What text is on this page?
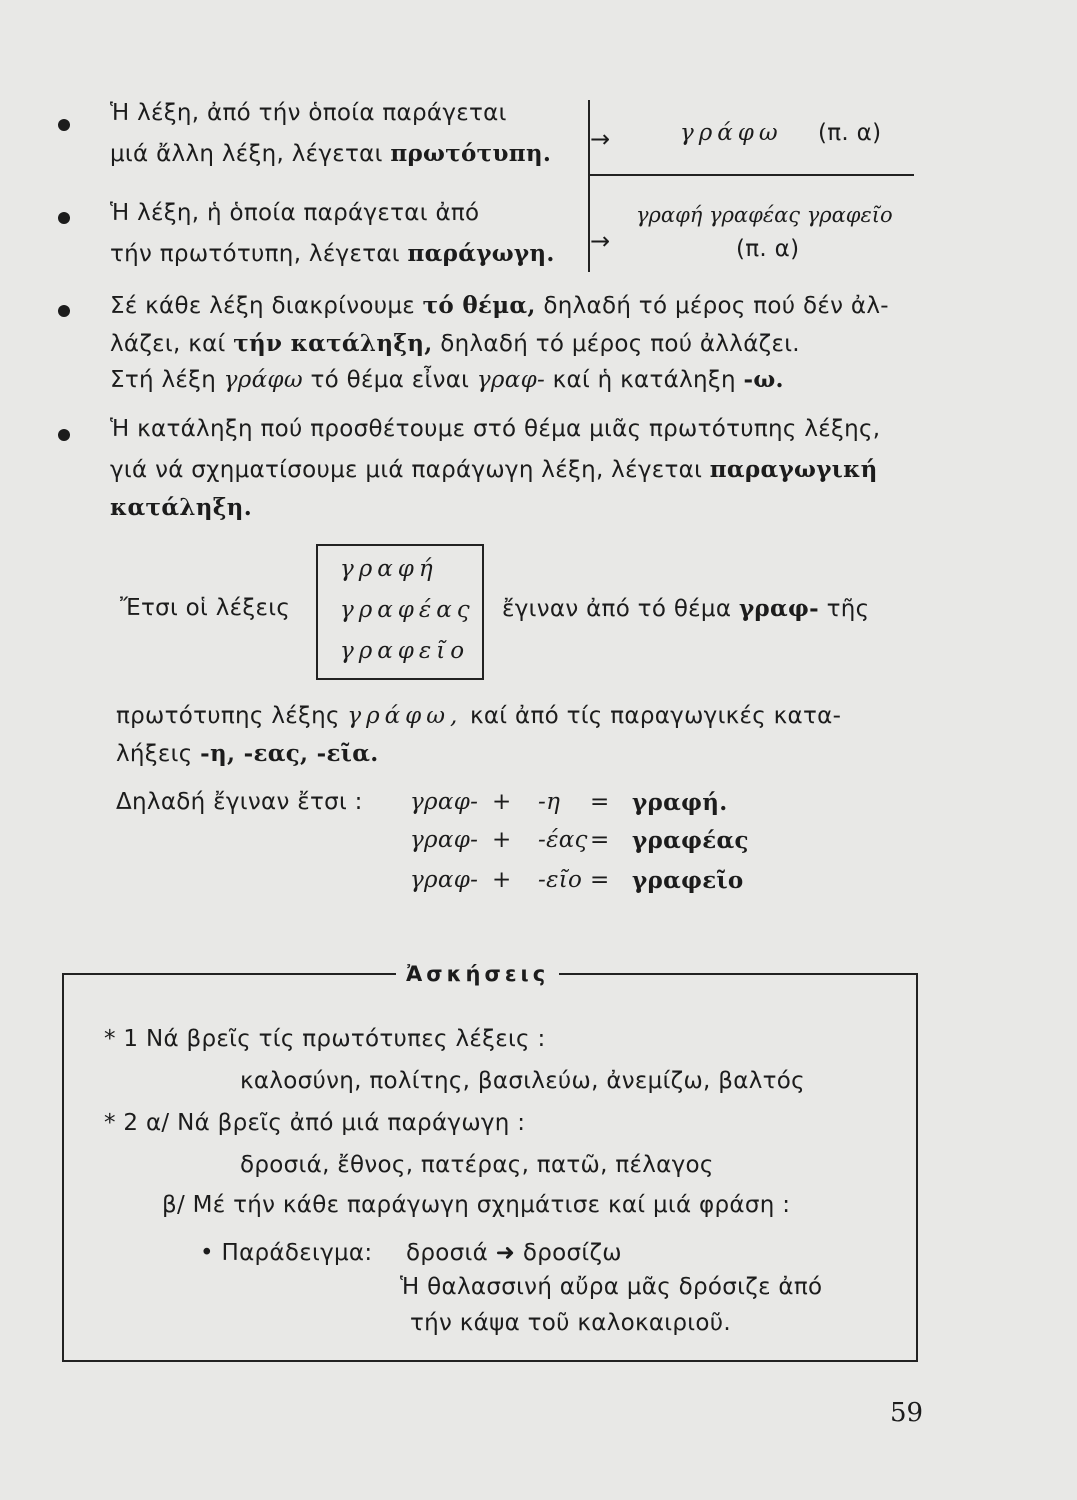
Ἡ λέξη, ἀπό τήν ὁποία παράγεται
μιά ἄλλη λέξη, λέγεται πρωτότυπη.
→	γράφω (π. α)
Ἡ λέξη, ἡ ὁποία παράγεται ἀπό
τήν πρωτότυπη, λέγεται παράγωγη.
γραφή γραφέας γραφεῖο
→	(π. α)
Σέ κάθε λέξη διακρίνουμε τό θέμα, δηλαδή τό μέρος πού δέν ἀλ-
λάζει, καί τήν κατάληξη, δηλαδή τό μέρος πού ἀλλάζει.
Στή λέξη γράφω τό θέμα εἶναι γραφ- καί ἡ κατάληξη -ω.
Ἡ κατάληξη πού προσθέτουμε στό θέμα μιᾶς πρωτότυπης λέξης,
γιά νά σχηματίσουμε μιά παράγωγη λέξη, λέγεται παραγωγική
κατάληξη.
Ἔτσι οἱ λέξεις
γραφή
γραφέας
γραφεῖο
ἔγιναν ἀπό τό θέμα γραφ- τῆς
πρωτότυπης λέξης γράφω, καί ἀπό τίς παραγωγικές κατα-
λήξεις -η, -εας, -εῖα.
Δηλαδή ἔγιναν ἔτσι : γραφ- + -η = γραφή.
γραφ- + -έας = γραφέας
γραφ- + -εῖο = γραφεῖο
Ἀσκήσεις
* 1 Νά βρεῖς τίς πρωτότυπες λέξεις :
καλοσύνη, πολίτης, βασιλεύω, ἀνεμίζω, βαλτός
* 2 α/ Νά βρεῖς ἀπό μιά παράγωγη :
δροσιά, ἔθνος, πατέρας, πατῶ, πέλαγος
β/ Μέ τήν κάθε παράγωγη σχημάτισε καί μιά φράση :
• Παράδειγμα: δροσιά ➜ δροσίζω
Ἡ θαλασσινή αὔρα μᾶς δρόσιζε ἀπό
τήν κάψα τοῦ καλοκαιριοῦ.
59
